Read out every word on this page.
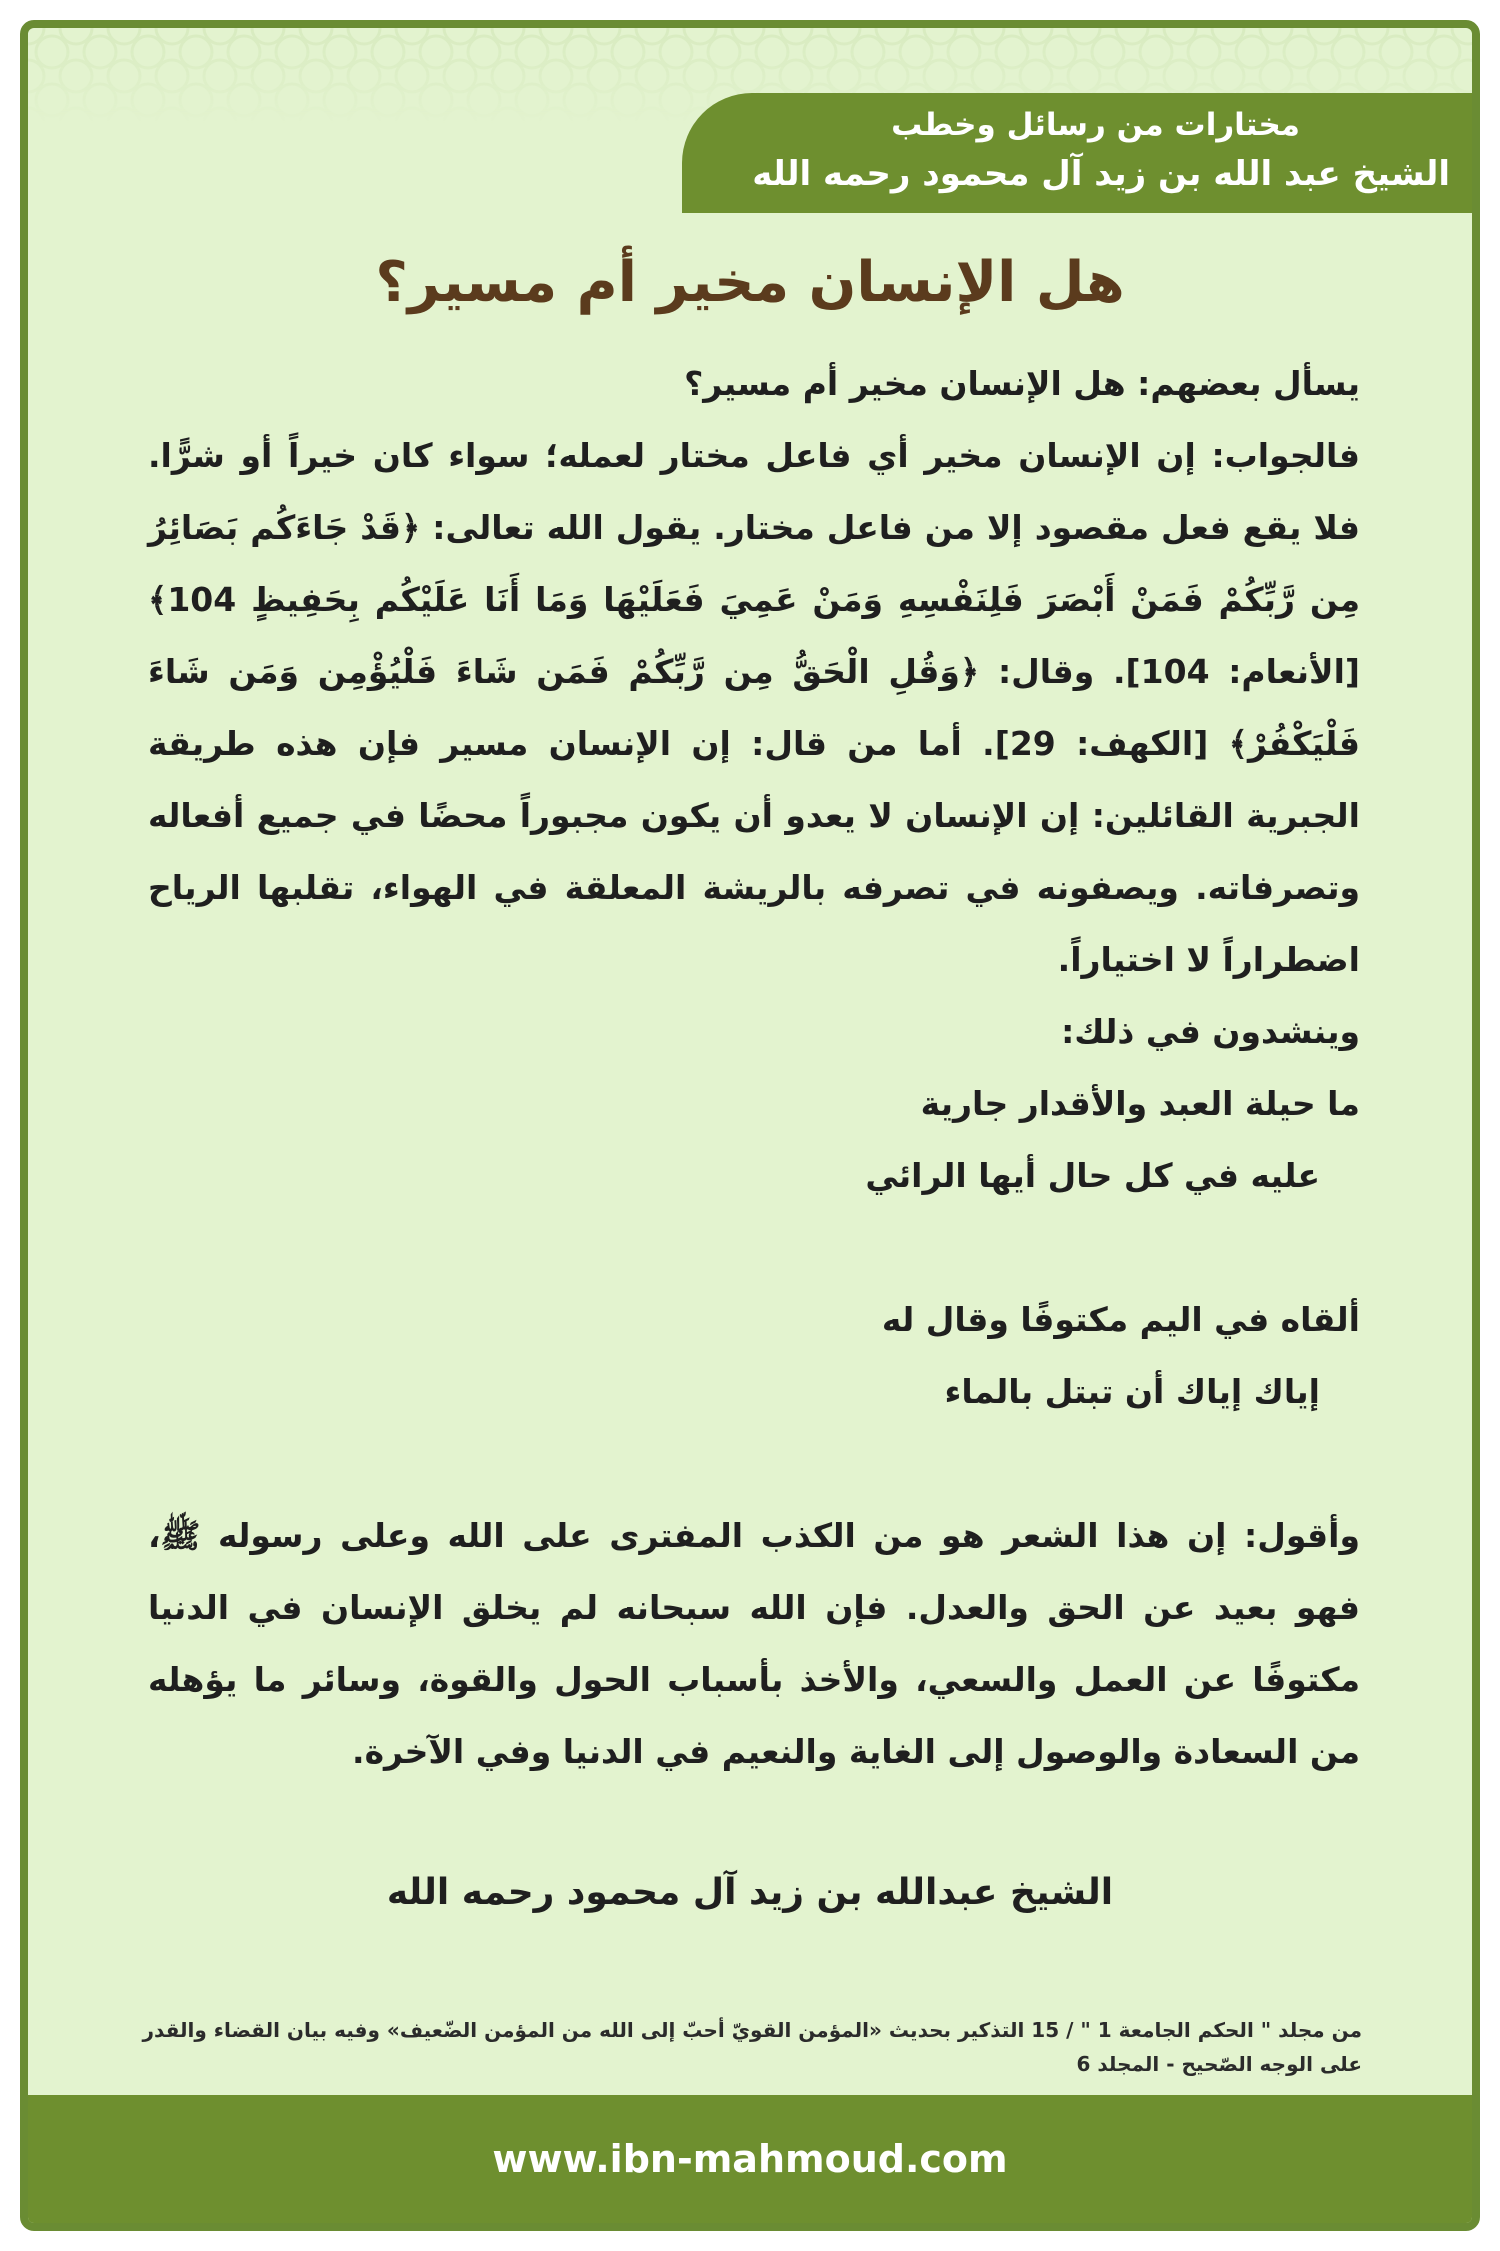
مختارات من رسائل وخطب
الشيخ عبد الله بن زيد آل محمود رحمه الله
هل الإنسان مخير أم مسير؟

يسأل بعضهم: هل الإنسان مخير أم مسير؟

فالجواب: إن الإنسان مخير أي فاعل مختار لعمله؛ سواء كان خيراً أو شرًّا. فلا يقع فعل مقصود إلا من فاعل مختار. يقول الله تعالى: ﴿قَدْ جَاءَكُم بَصَائِرُ مِن رَّبِّكُمْ فَمَنْ أَبْصَرَ فَلِنَفْسِهِ وَمَنْ عَمِيَ فَعَلَيْهَا وَمَا أَنَا عَلَيْكُم بِحَفِيظٍ 104﴾ [الأنعام: 104]. وقال: ﴿وَقُلِ الْحَقُّ مِن رَّبِّكُمْ فَمَن شَاءَ فَلْيُؤْمِن وَمَن شَاءَ فَلْيَكْفُرْ﴾ [الكهف: 29]. أما من قال: إن الإنسان مسير فإن هذه طريقة الجبرية القائلين: إن الإنسان لا يعدو أن يكون مجبوراً محضًا في جميع أفعاله وتصرفاته. ويصفونه في تصرفه بالريشة المعلقة في الهواء، تقلبها الرياح اضطراراً لا اختياراً.

وينشدون في ذلك:

ما حيلة العبد والأقدار جارية

عليه في كل حال أيها الرائي

ألقاه في اليم مكتوفًا وقال له

إياك إياك أن تبتل بالماء

وأقول: إن هذا الشعر هو من الكذب المفترى على الله وعلى رسوله ﷺ، فهو بعيد عن الحق والعدل. فإن الله سبحانه لم يخلق الإنسان في الدنيا مكتوفًا عن العمل والسعي، والأخذ بأسباب الحول والقوة، وسائر ما يؤهله من السعادة والوصول إلى الغاية والنعيم في الدنيا وفي الآخرة.

الشيخ عبدالله بن زيد آل محمود رحمه الله
من مجلد " الحكم الجامعة 1 " / 15 التذكير بحديث «المؤمن القويّ أحبّ إلى الله من المؤمن الضّعيف» وفيه بيان القضاء والقدر على الوجه الصّحيح - المجلد 6
www.ibn-mahmoud.com
